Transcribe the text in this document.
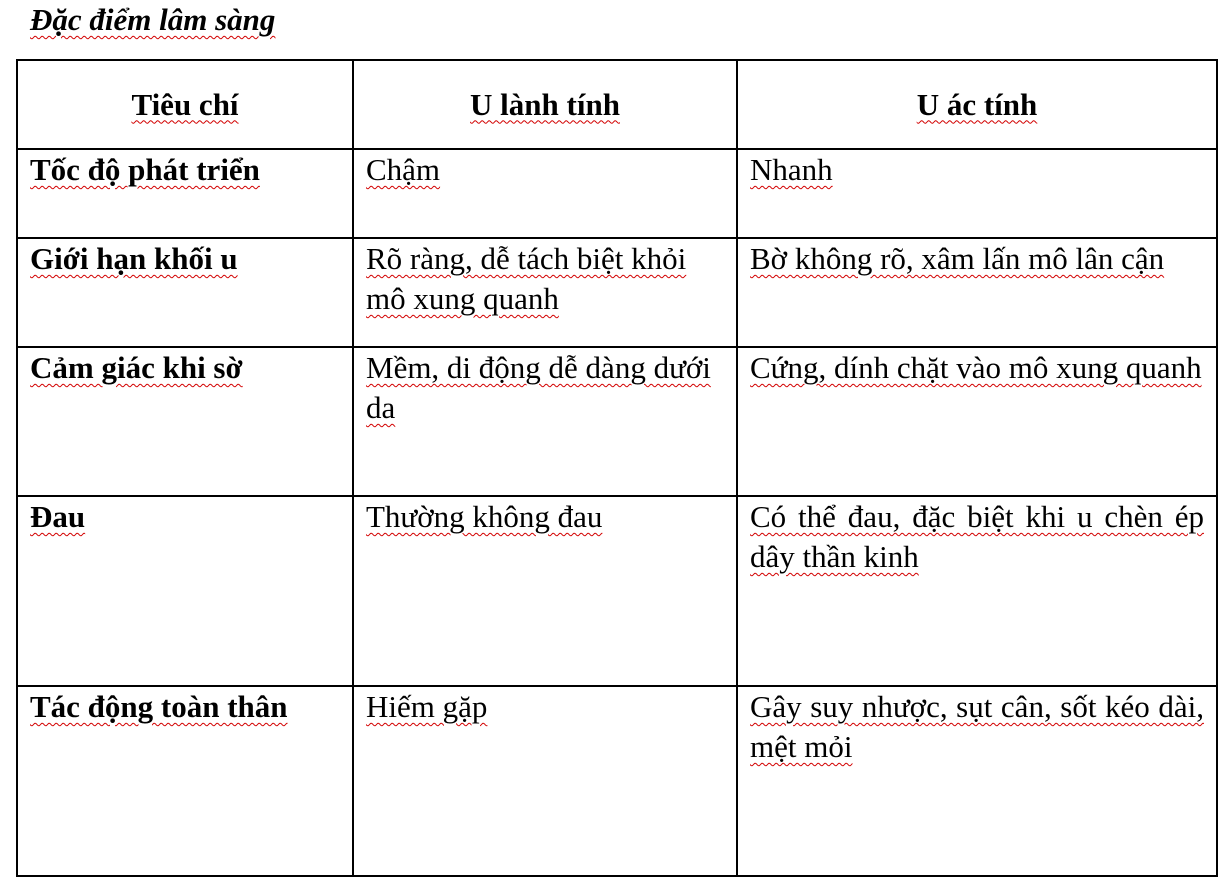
Đặc điểm lâm sàng
Tiêu chí	U lành tính	U ác tính
Tốc độ phát triển	Chậm	Nhanh
Giới hạn khối u	Rõ ràng, dễ tách biệt khỏi mô xung quanh	Bờ không rõ, xâm lấn mô lân cận
Cảm giác khi sờ	Mềm, di động dễ dàng dưới da	Cứng, dính chặt vào mô xung quanh
Đau	Thường không đau	Có thể đau, đặc biệt khi u chèn ép dây thần kinh
Tác động toàn thân	Hiếm gặp	Gây suy nhược, sụt cân, sốt kéo dài, mệt mỏi
